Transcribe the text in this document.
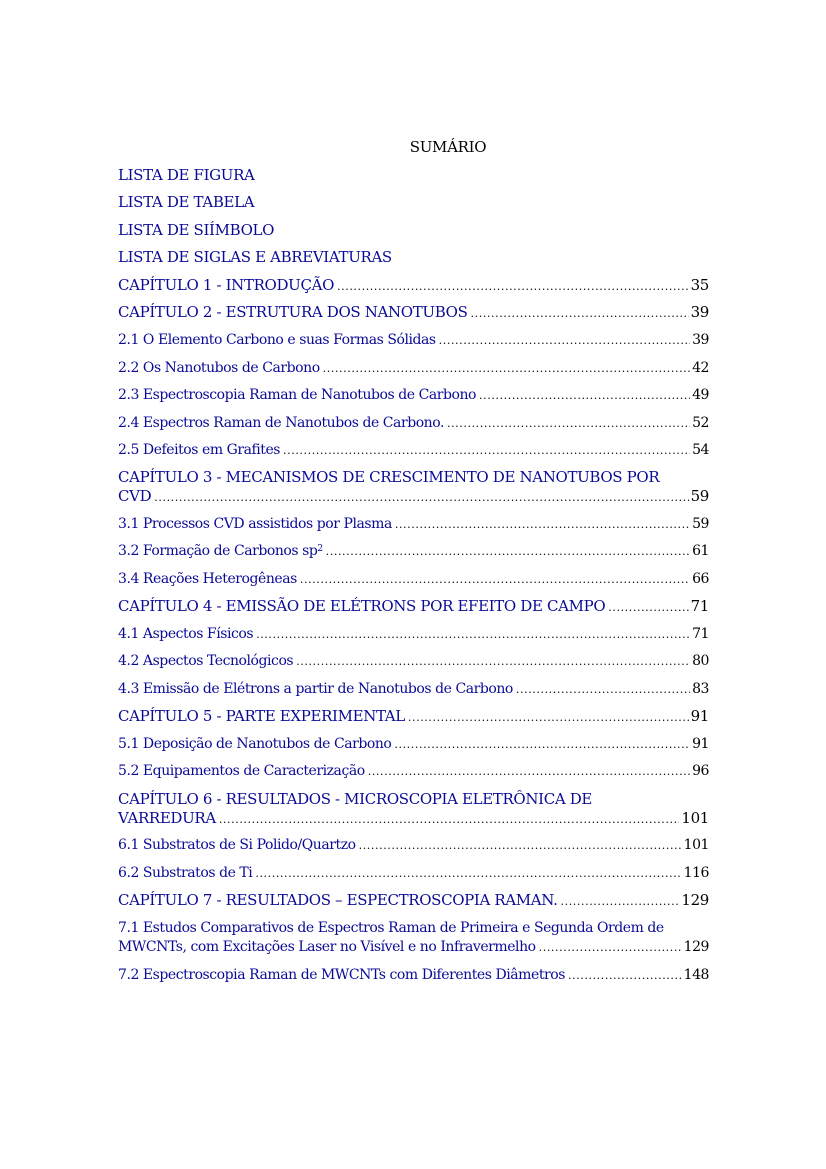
SUMÁRIO
LISTA DE FIGURA
LISTA DE TABELA
LISTA DE SIÍMBOLO
LISTA DE SIGLAS E ABREVIATURAS
CAPÍTULO 1 - INTRODUÇÃO .....	35
CAPÍTULO 2 - ESTRUTURA DOS NANOTUBOS .....	39
2.1 O Elemento Carbono e suas Formas Sólidas .....	39
2.2 Os Nanotubos de Carbono .....	42
2.3 Espectroscopia Raman de Nanotubos de Carbono .....	49
2.4 Espectros Raman de Nanotubos de Carbono. .....	52
2.5 Defeitos em Grafites .....	54
CAPÍTULO 3 - MECANISMOS DE CRESCIMENTO DE NANOTUBOS POR
CVD .....	59
3.1 Processos CVD assistidos por Plasma .....	59
3.2 Formação de Carbonos $sp^2$ .....	61
3.4 Reações Heterogêneas .....	66
CAPÍTULO 4 - EMISSÃO DE ELÉTRONS POR EFEITO DE CAMPO .....	71
4.1 Aspectos Físicos .....	71
4.2 Aspectos Tecnológicos .....	80
4.3 Emissão de Elétrons a partir de Nanotubos de Carbono .....	83
CAPÍTULO 5 - PARTE EXPERIMENTAL .....	91
5.1 Deposição de Nanotubos de Carbono .....	91
5.2 Equipamentos de Caracterização .....	96
CAPÍTULO 6 - RESULTADOS - MICROSCOPIA ELETRÔNICA DE
VARREDURA .....	101
6.1 Substratos de Si Polido/Quartzo .....	101
6.2 Substratos de Ti .....	116
CAPÍTULO 7 - RESULTADOS – ESPECTROSCOPIA RAMAN. .....	129
7.1 Estudos Comparativos de Espectros Raman de Primeira e Segunda Ordem de
MWCNTs, com Excitações Laser no Visível e no Infravermelho .....	129
7.2 Espectroscopia Raman de MWCNTs com Diferentes Diâmetros .....	148
